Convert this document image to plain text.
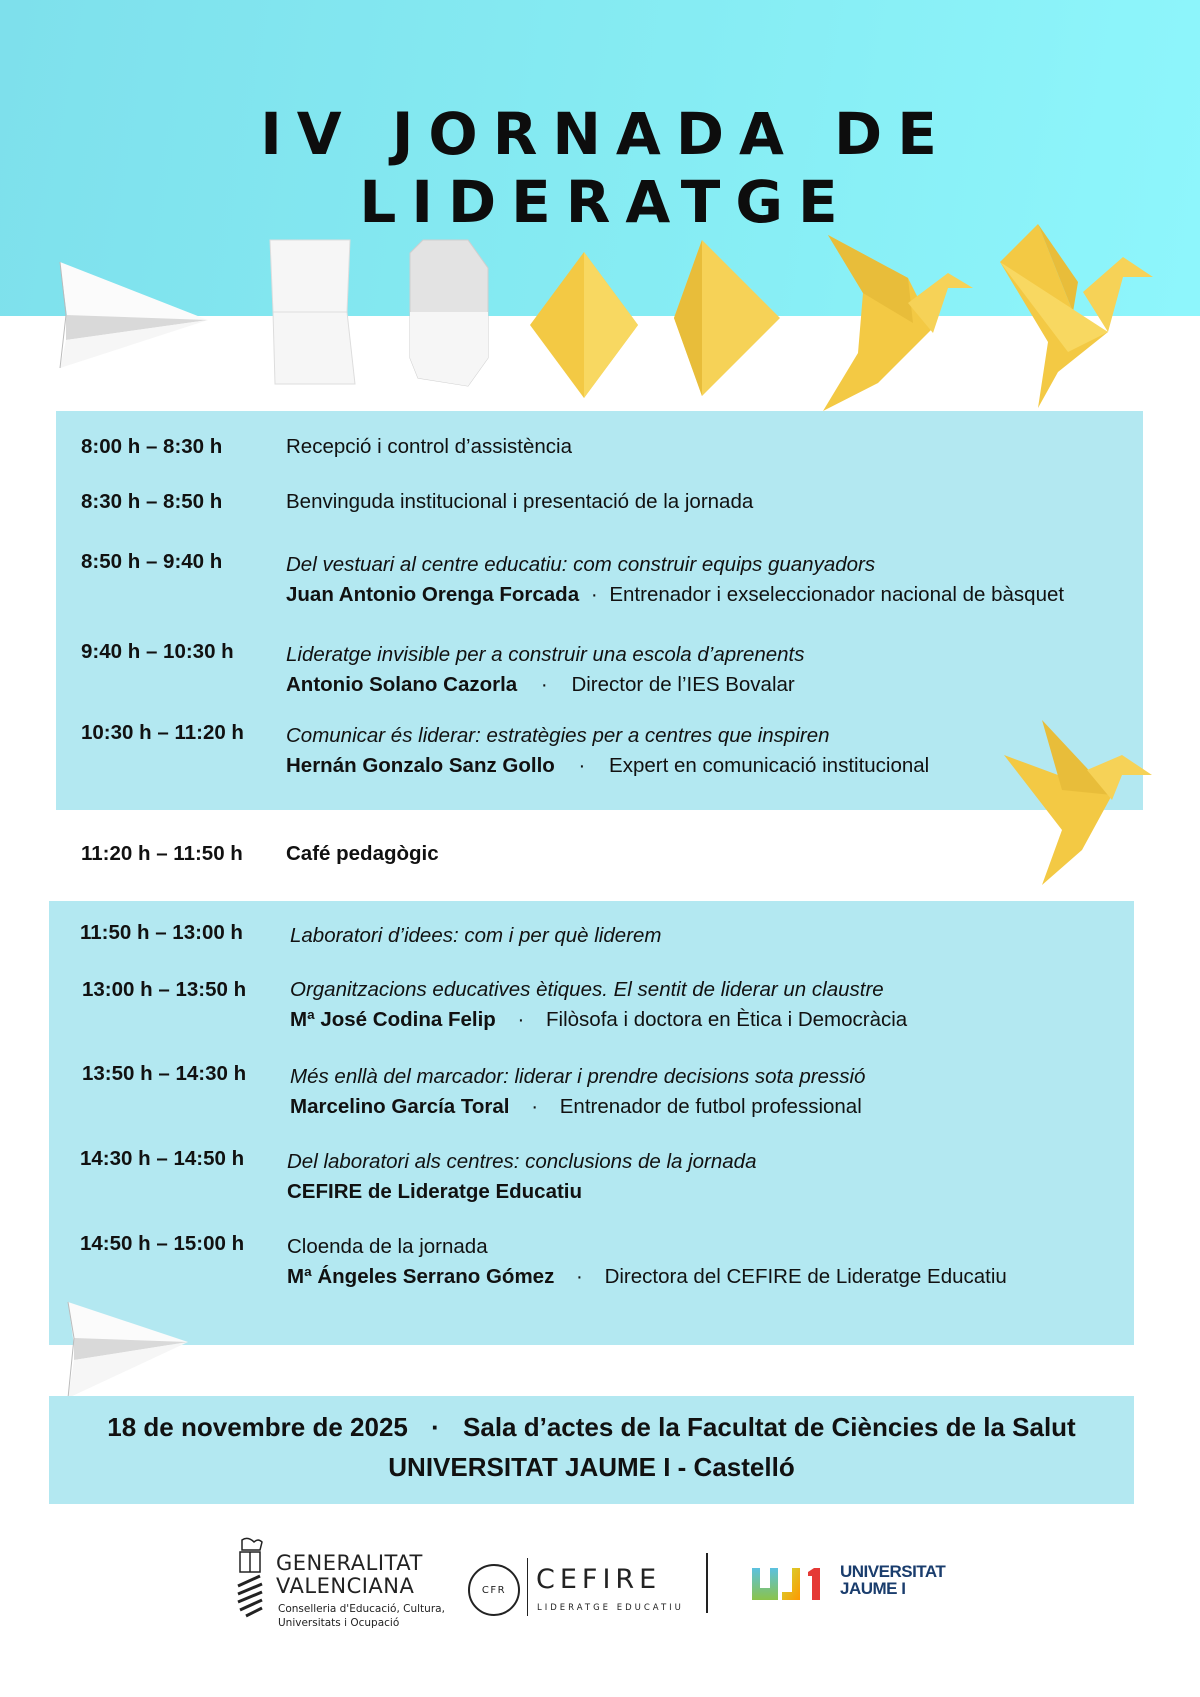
IV JORNADA DE LIDERATGE
8:00 h – 8:30 h	Recepció i control d’assistència
8:30 h – 8:50 h	Benvinguda institucional i presentació de la jornada
8:50 h – 9:40 h	Del vestuari al centre educatiu: com construir equips guanyadors
Juan Antonio Orenga Forcada · Entrenador i exseleccionador nacional de bàsquet
9:40 h – 10:30 h	Lideratge invisible per a construir una escola d’aprenents
Antonio Solano Cazorla · Director de l’IES Bovalar
10:30 h – 11:20 h Comunicar és liderar: estratègies per a centres que inspiren
Hernán Gonzalo Sanz Gollo · Expert en comunicació institucional
11:20 h – 11:50 h Café pedagògic
11:50 h – 13:00 h Laboratori d’idees: com i per què liderem
13:00 h – 13:50 h Organitzacions educatives ètiques. El sentit de liderar un claustre
Mª José Codina Felip · Filòsofa i doctora en Ètica i Democràcia
13:50 h – 14:30 h Més enllà del marcador: liderar i prendre decisions sota pressió
Marcelino García Toral · Entrenador de futbol professional
14:30 h – 14:50 h Del laboratori als centres: conclusions de la jornada
CEFIRE de Lideratge Educatiu
14:50 h – 15:00 h Cloenda de la jornada
Mª Ángeles Serrano Gómez · Directora del CEFIRE de Lideratge Educatiu
18 de novembre de 2025 · Sala d’actes de la Facultat de Ciències de la Salut
UNIVERSITAT JAUME I - Castelló
GENERALITAT
VALENCIANA
Conselleria d'Educació, Cultura,
Universitats i Ocupació
CFR CEFIRE
LIDERATGE EDUCATIU
UNIVERSITAT
JAUME I
